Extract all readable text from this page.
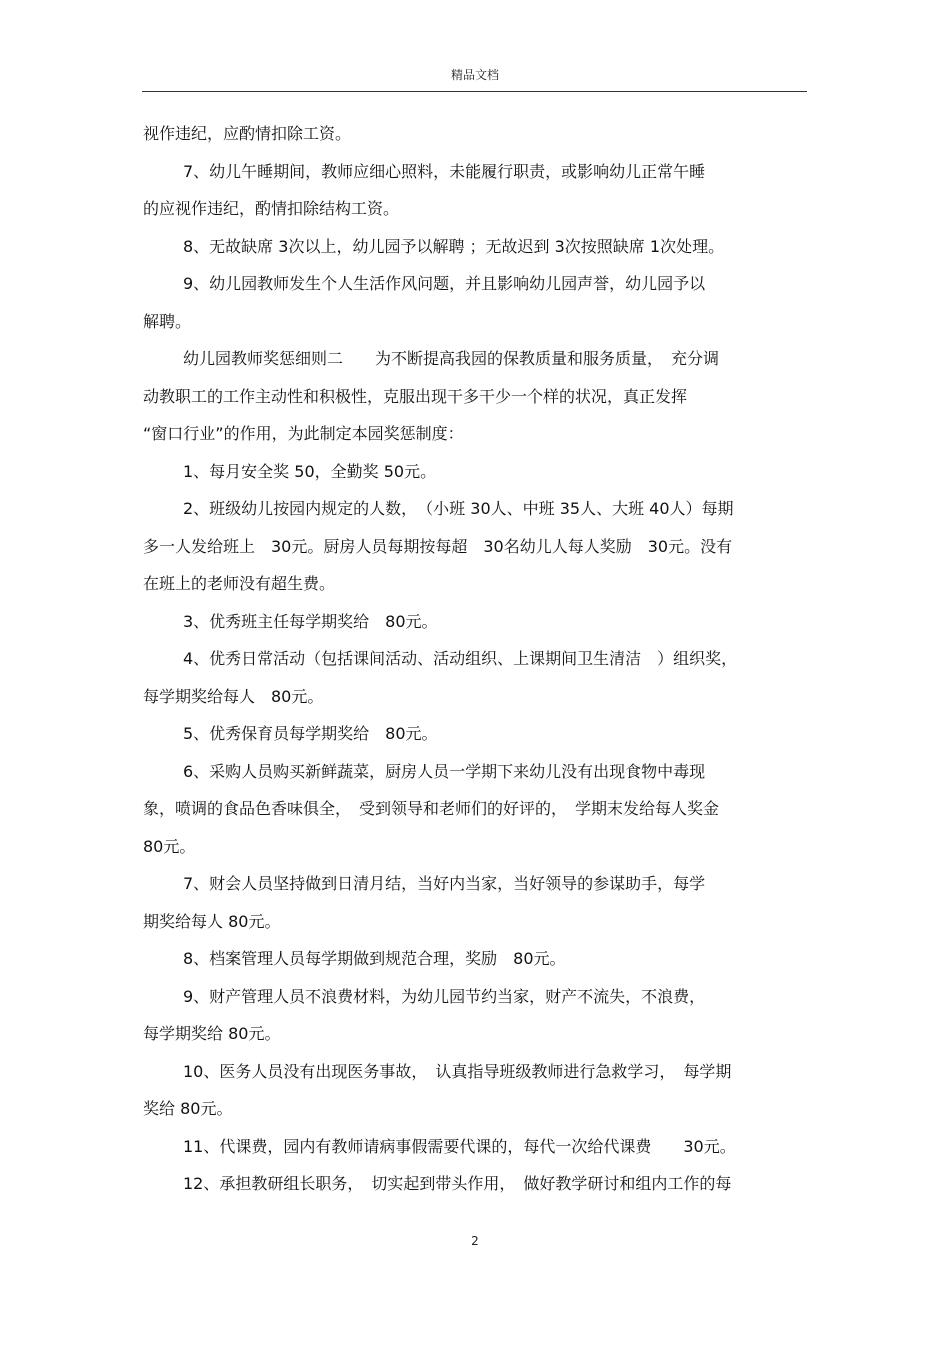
精品文档
视作违纪，应酌情扣除工资。
7、幼儿午睡期间，教师应细心照料，未能履行职责，或影响幼儿正常午睡
的应视作违纪，酌情扣除结构工资。
8、无故缺席 3次以上，幼儿园予以解聘 ；无故迟到 3次按照缺席 1次处理。
9、幼儿园教师发生个人生活作风问题，并且影响幼儿园声誉，幼儿园予以
解聘。
幼儿园教师奖惩细则二　　为不断提高我园的保教质量和服务质量，　充分调
动教职工的工作主动性和积极性，克服出现干多干少一个样的状况，真正发挥
“窗口行业”的作用，为此制定本园奖惩制度：
1、每月安全奖 50，全勤奖 50元。
2、班级幼儿按园内规定的人数，　（小班 30人、中班 35人、大班 40人）每期
多一人发给班上　30元。厨房人员每期按每超　30名幼儿人每人奖励　30元。没有
在班上的老师没有超生费。
3、优秀班主任每学期奖给　80元。
4、优秀日常活动（包括课间活动、活动组织、上课期间卫生清洁　）组织奖，
每学期奖给每人　80元。
5、优秀保育员每学期奖给　80元。
6、采购人员购买新鲜蔬菜，厨房人员一学期下来幼儿没有出现食物中毒现
象，喷调的食品色香味俱全，　受到领导和老师们的好评的，　学期末发给每人奖金
80元。
7、财会人员坚持做到日清月结，当好内当家，当好领导的参谋助手，每学
期奖给每人 80元。
8、档案管理人员每学期做到规范合理，奖励　80元。
9、财产管理人员不浪费材料，为幼儿园节约当家，财产不流失，不浪费，
每学期奖给 80元。
10、医务人员没有出现医务事故，　认真指导班级教师进行急救学习，　每学期
奖给 80元。
11、代课费，园内有教师请病事假需要代课的，每代一次给代课费　　30元。
12、承担教研组长职务，　切实起到带头作用，　做好教学研讨和组内工作的每
2
